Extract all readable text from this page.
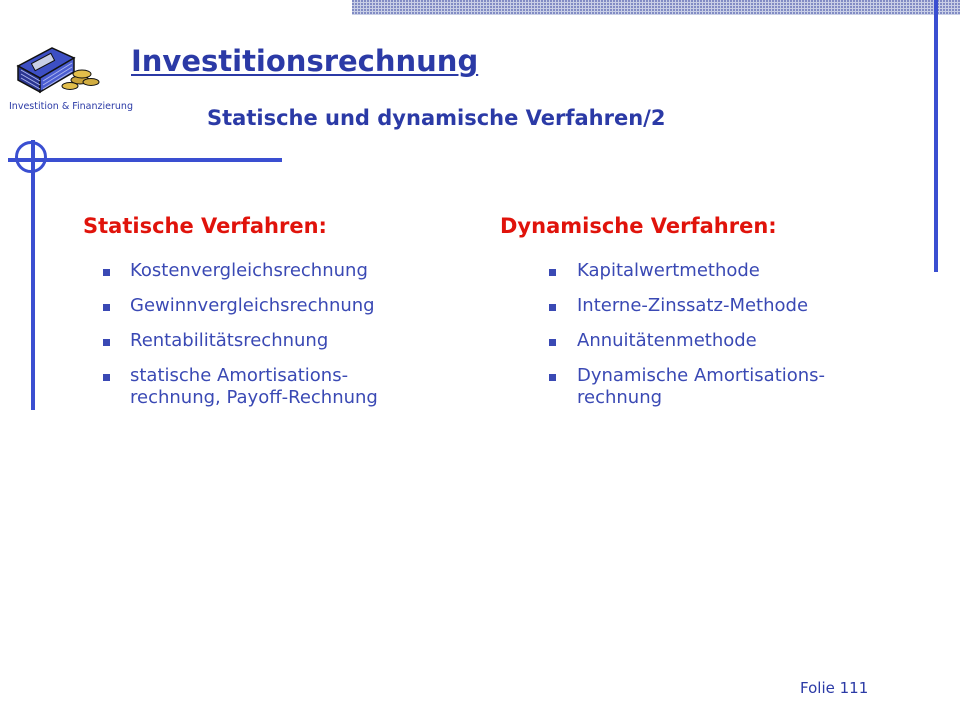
Investition & Finanzierung
Investitionsrechnung
Statische und dynamische Verfahren/2
Statische Verfahren:
Kostenvergleichsrechnung
Gewinnvergleichsrechnung
Rentabilitätsrechnung
statische Amortisations-
rechnung, Payoff-Rechnung
Dynamische Verfahren:
Kapitalwertmethode
Interne-Zinssatz-Methode
Annuitätenmethode
Dynamische Amortisations-
rechnung
Folie 111
